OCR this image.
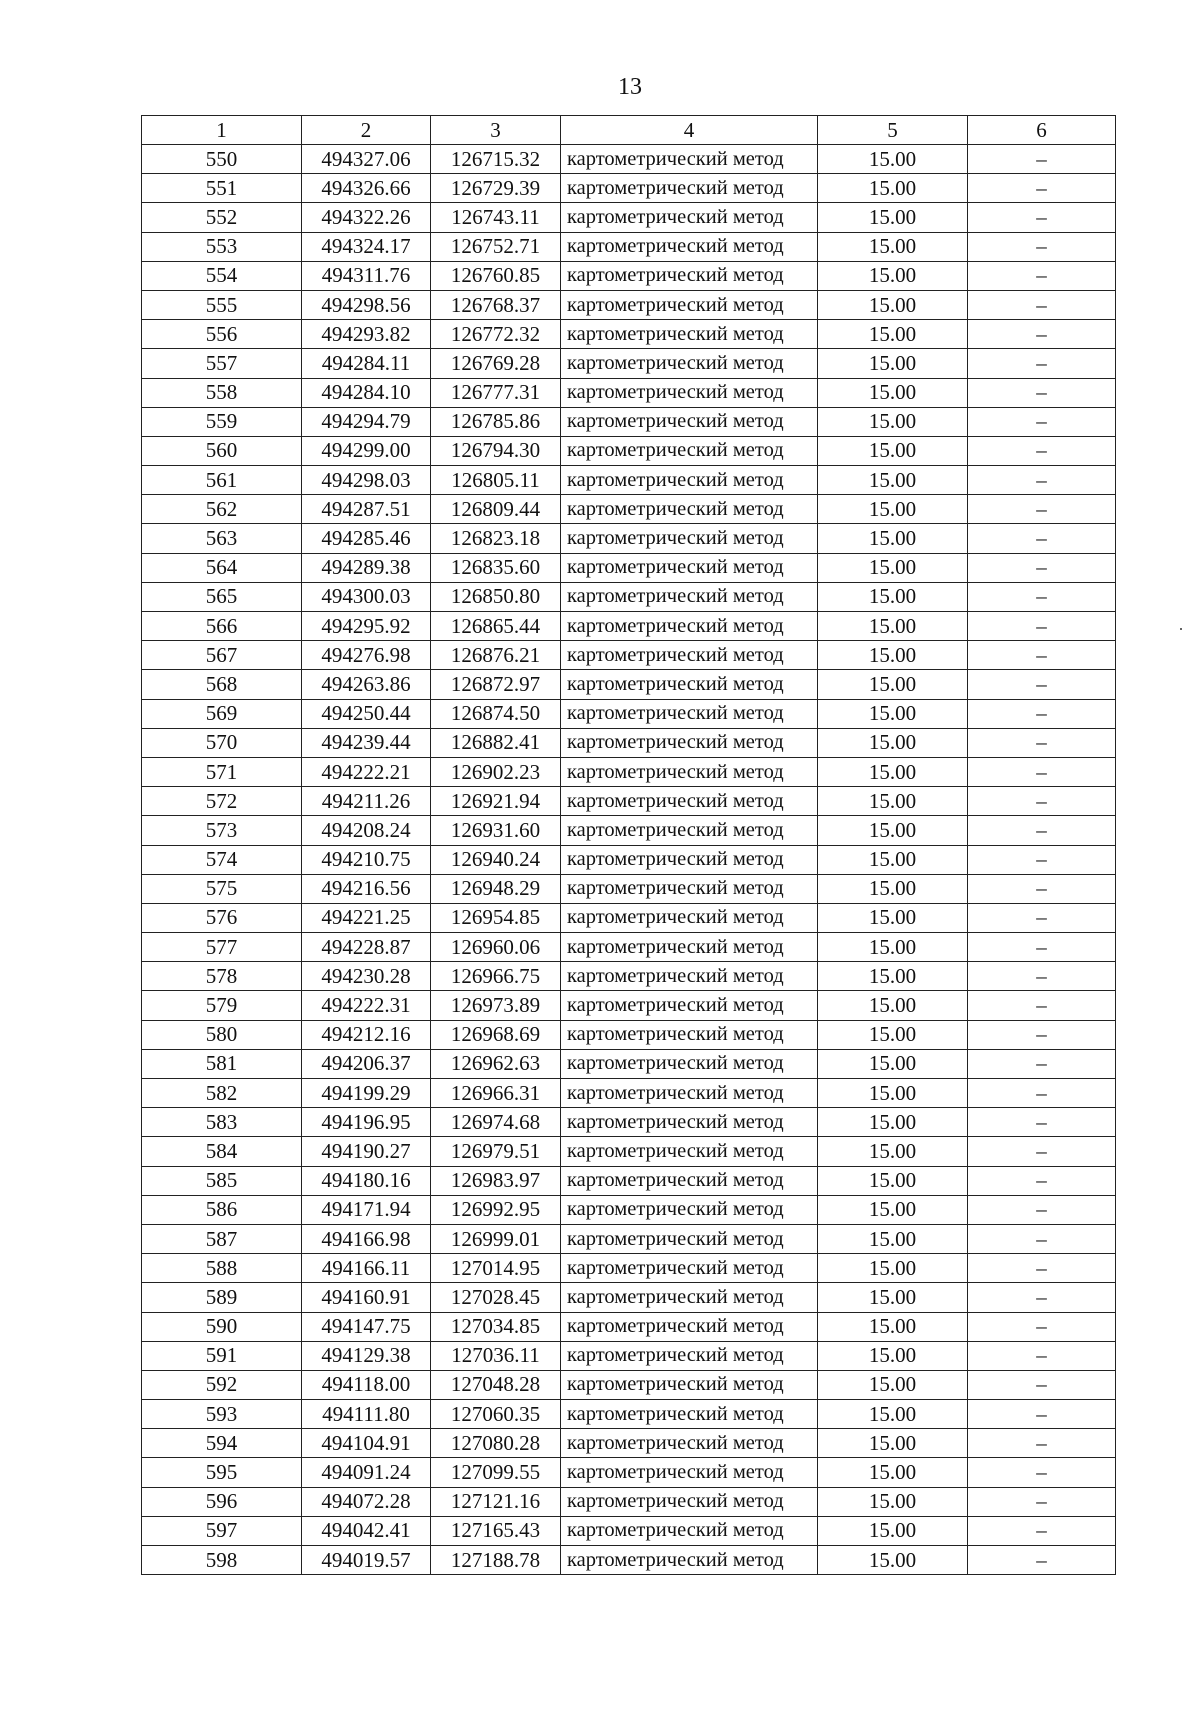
13
1	2	3	4	5	6
550	494327.06	126715.32	картометрический метод	15.00	–
551	494326.66	126729.39	картометрический метод	15.00	–
552	494322.26	126743.11	картометрический метод	15.00	–
553	494324.17	126752.71	картометрический метод	15.00	–
554	494311.76	126760.85	картометрический метод	15.00	–
555	494298.56	126768.37	картометрический метод	15.00	–
556	494293.82	126772.32	картометрический метод	15.00	–
557	494284.11	126769.28	картометрический метод	15.00	–
558	494284.10	126777.31	картометрический метод	15.00	–
559	494294.79	126785.86	картометрический метод	15.00	–
560	494299.00	126794.30	картометрический метод	15.00	–
561	494298.03	126805.11	картометрический метод	15.00	–
562	494287.51	126809.44	картометрический метод	15.00	–
563	494285.46	126823.18	картометрический метод	15.00	–
564	494289.38	126835.60	картометрический метод	15.00	–
565	494300.03	126850.80	картометрический метод	15.00	–
566	494295.92	126865.44	картометрический метод	15.00	–
567	494276.98	126876.21	картометрический метод	15.00	–
568	494263.86	126872.97	картометрический метод	15.00	–
569	494250.44	126874.50	картометрический метод	15.00	–
570	494239.44	126882.41	картометрический метод	15.00	–
571	494222.21	126902.23	картометрический метод	15.00	–
572	494211.26	126921.94	картометрический метод	15.00	–
573	494208.24	126931.60	картометрический метод	15.00	–
574	494210.75	126940.24	картометрический метод	15.00	–
575	494216.56	126948.29	картометрический метод	15.00	–
576	494221.25	126954.85	картометрический метод	15.00	–
577	494228.87	126960.06	картометрический метод	15.00	–
578	494230.28	126966.75	картометрический метод	15.00	–
579	494222.31	126973.89	картометрический метод	15.00	–
580	494212.16	126968.69	картометрический метод	15.00	–
581	494206.37	126962.63	картометрический метод	15.00	–
582	494199.29	126966.31	картометрический метод	15.00	–
583	494196.95	126974.68	картометрический метод	15.00	–
584	494190.27	126979.51	картометрический метод	15.00	–
585	494180.16	126983.97	картометрический метод	15.00	–
586	494171.94	126992.95	картометрический метод	15.00	–
587	494166.98	126999.01	картометрический метод	15.00	–
588	494166.11	127014.95	картометрический метод	15.00	–
589	494160.91	127028.45	картометрический метод	15.00	–
590	494147.75	127034.85	картометрический метод	15.00	–
591	494129.38	127036.11	картометрический метод	15.00	–
592	494118.00	127048.28	картометрический метод	15.00	–
593	494111.80	127060.35	картометрический метод	15.00	–
594	494104.91	127080.28	картометрический метод	15.00	–
595	494091.24	127099.55	картометрический метод	15.00	–
596	494072.28	127121.16	картометрический метод	15.00	–
597	494042.41	127165.43	картометрический метод	15.00	–
598	494019.57	127188.78	картометрический метод	15.00	–
